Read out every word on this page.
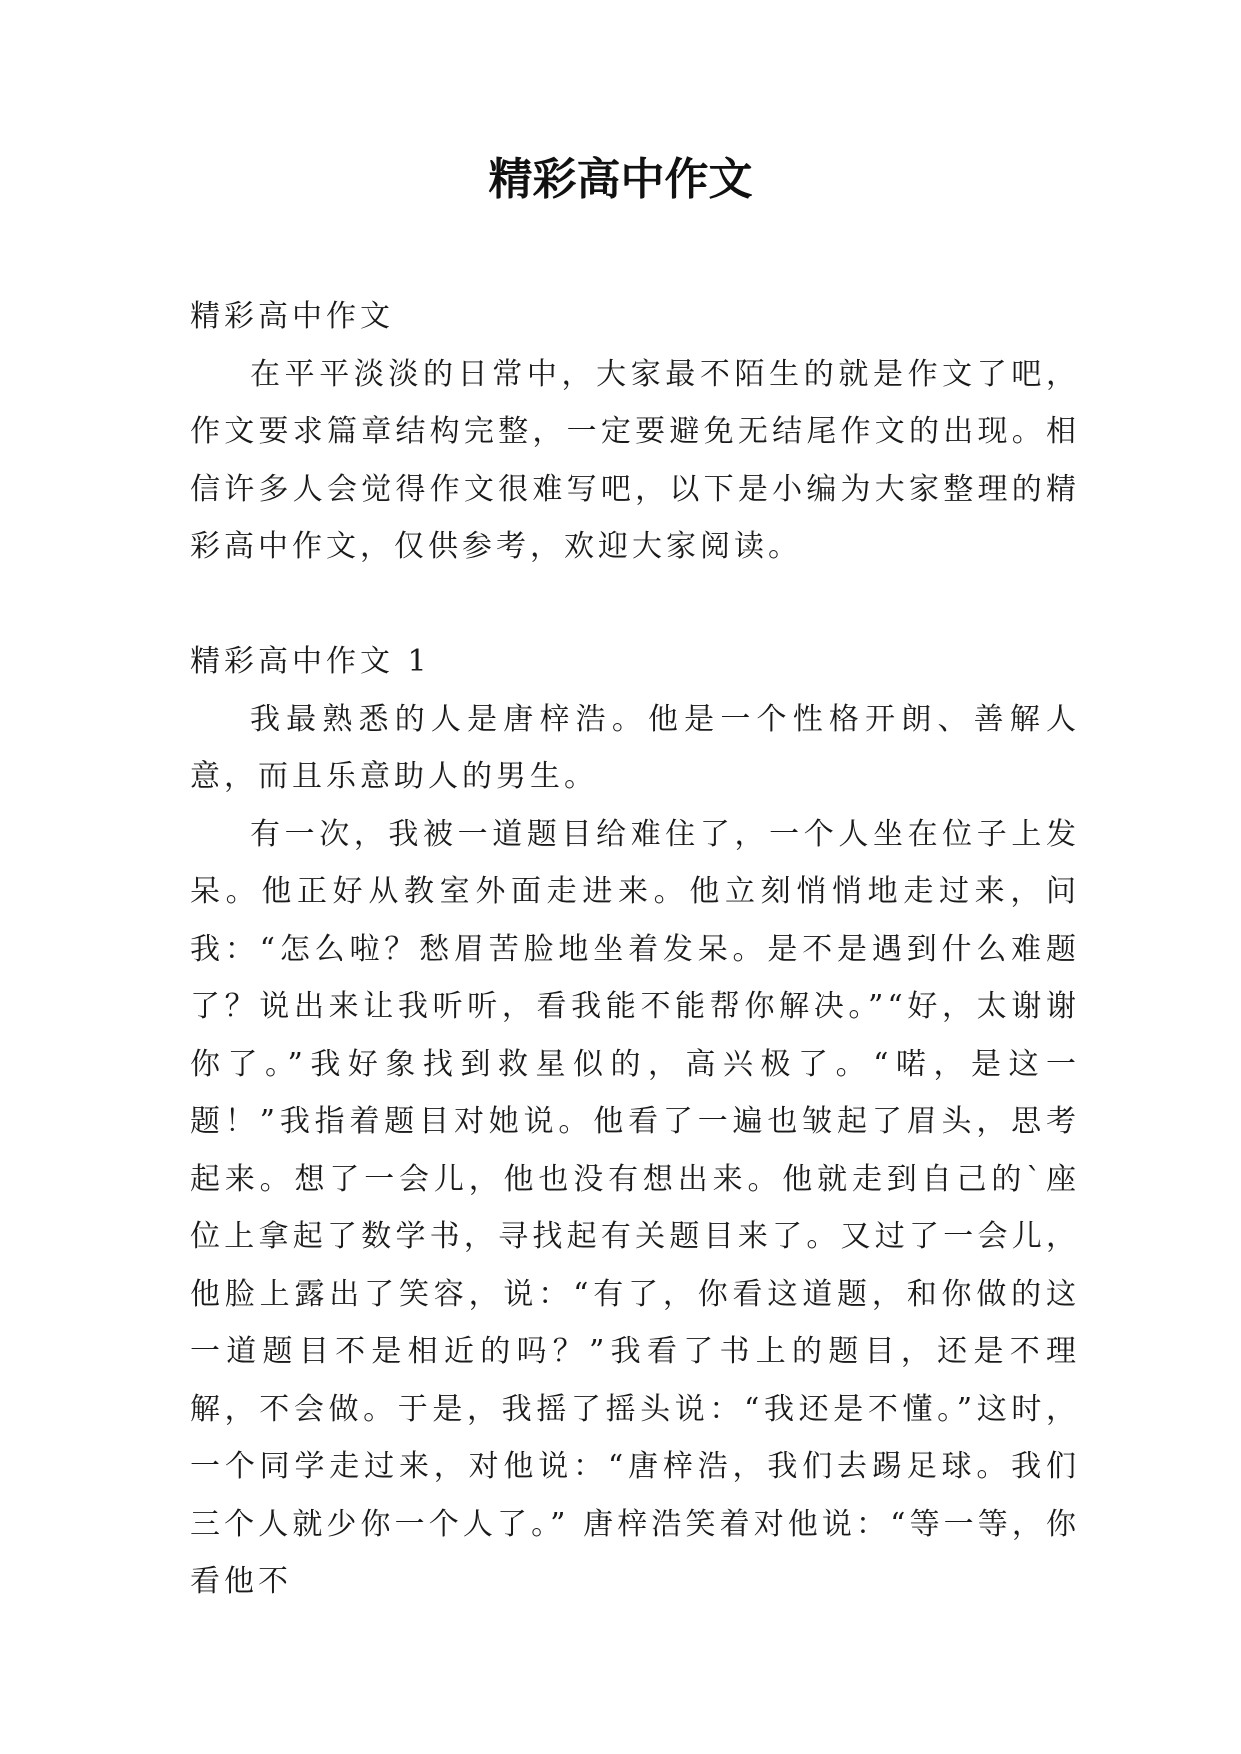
精彩高中作文

精彩高中作文

在平平淡淡的日常中，大家最不陌生的就是作文了吧，作文要求篇章结构完整，一定要避免无结尾作文的出现。相信许多人会觉得作文很难写吧，以下是小编为大家整理的精彩高中作文，仅供参考，欢迎大家阅读。

精彩高中作文 1

我最熟悉的人是唐梓浩。他是一个性格开朗、善解人意，而且乐意助人的男生。

有一次，我被一道题目给难住了，一个人坐在位子上发呆。他正好从教室外面走进来。他立刻悄悄地走过来，问我：“怎么啦？愁眉苦脸地坐着发呆。是不是遇到什么难题了？说出来让我听听，看我能不能帮你解决。”“好，太谢谢你了。”我好象找到救星似的，高兴极了。“喏，是这一题！”我指着题目对她说。他看了一遍也皱起了眉头，思考起来。想了一会儿，他也没有想出来。他就走到自己的`座位上拿起了数学书，寻找起有关题目来了。又过了一会儿，他脸上露出了笑容，说：“有了，你看这道题，和你做的这一道题目不是相近的吗？”我看了书上的题目，还是不理解，不会做。于是，我摇了摇头说：“我还是不懂。”这时，一个同学走过来，对他说：“唐梓浩，我们去踢足球。我们三个人就少你一个人了。” 唐梓浩笑着对他说：“等一等，你看他不
